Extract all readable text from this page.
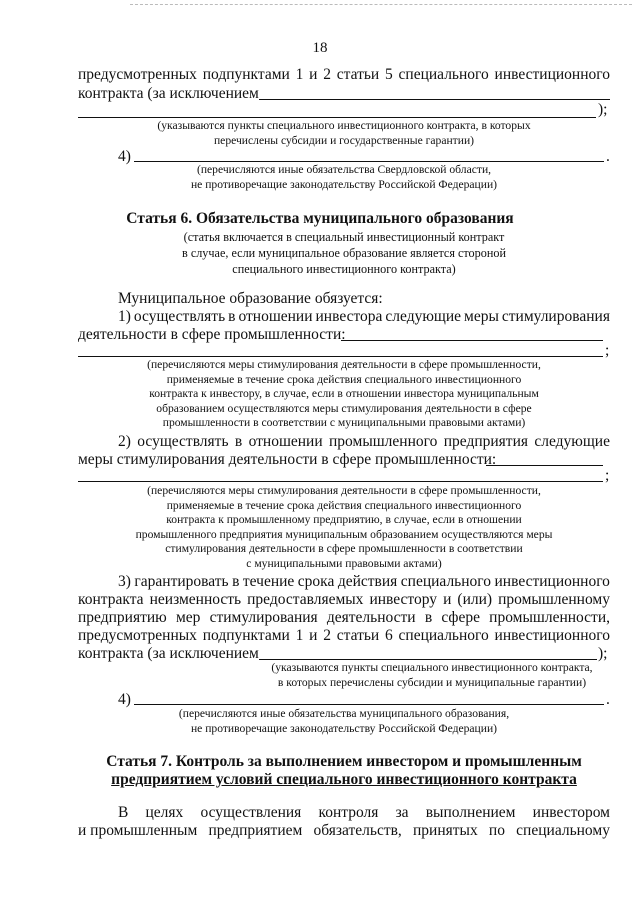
18
предусмотренных подпунктами 1 и 2 статьи 5 специального инвестиционного
контракта (за исключением
);
(указываются пункты специального инвестиционного контракта, в которых
перечислены субсидии и государственные гарантии)
4)	.
(перечисляются иные обязательства Свердловской области,
не противоречащие законодательству Российской Федерации)
Статья 6. Обязательства муниципального образования
(статья включается в специальный инвестиционный контракт
в случае, если муниципальное образование является стороной
специального инвестиционного контракта)
Муниципальное образование обязуется:
1) осуществлять в отношении инвестора следующие меры стимулирования
деятельности в сфере промышленности:
;
(перечисляются меры стимулирования деятельности в сфере промышленности,
применяемые в течение срока действия специального инвестиционного
контракта к инвестору, в случае, если в отношении инвестора муниципальным
образованием осуществляются меры стимулирования деятельности в сфере
промышленности в соответствии с муниципальными правовыми актами)
2) осуществлять в отношении промышленного предприятия следующие
меры стимулирования деятельности в сфере промышленности:
;
(перечисляются меры стимулирования деятельности в сфере промышленности,
применяемые в течение срока действия специального инвестиционного
контракта к промышленному предприятию, в случае, если в отношении
промышленного предприятия муниципальным образованием осуществляются меры
стимулирования деятельности в сфере промышленности в соответствии
с муниципальными правовыми актами)
3) гарантировать в течение срока действия специального инвестиционного
контракта неизменность предоставляемых инвестору и (или) промышленному
предприятию мер стимулирования деятельности в сфере промышленности,
предусмотренных подпунктами 1 и 2 статьи 6 специального инвестиционного
контракта (за исключением	);
(указываются пункты специального инвестиционного контракта,
в которых перечислены субсидии и муниципальные гарантии)
4)	.
(перечисляются иные обязательства муниципального образования,
не противоречащие законодательству Российской Федерации)
Статья 7. Контроль за выполнением инвестором и промышленным
предприятием условий специального инвестиционного контракта
В целях осуществления контроля за выполнением инвестором
и промышленным предприятием обязательств, принятых по специальному
